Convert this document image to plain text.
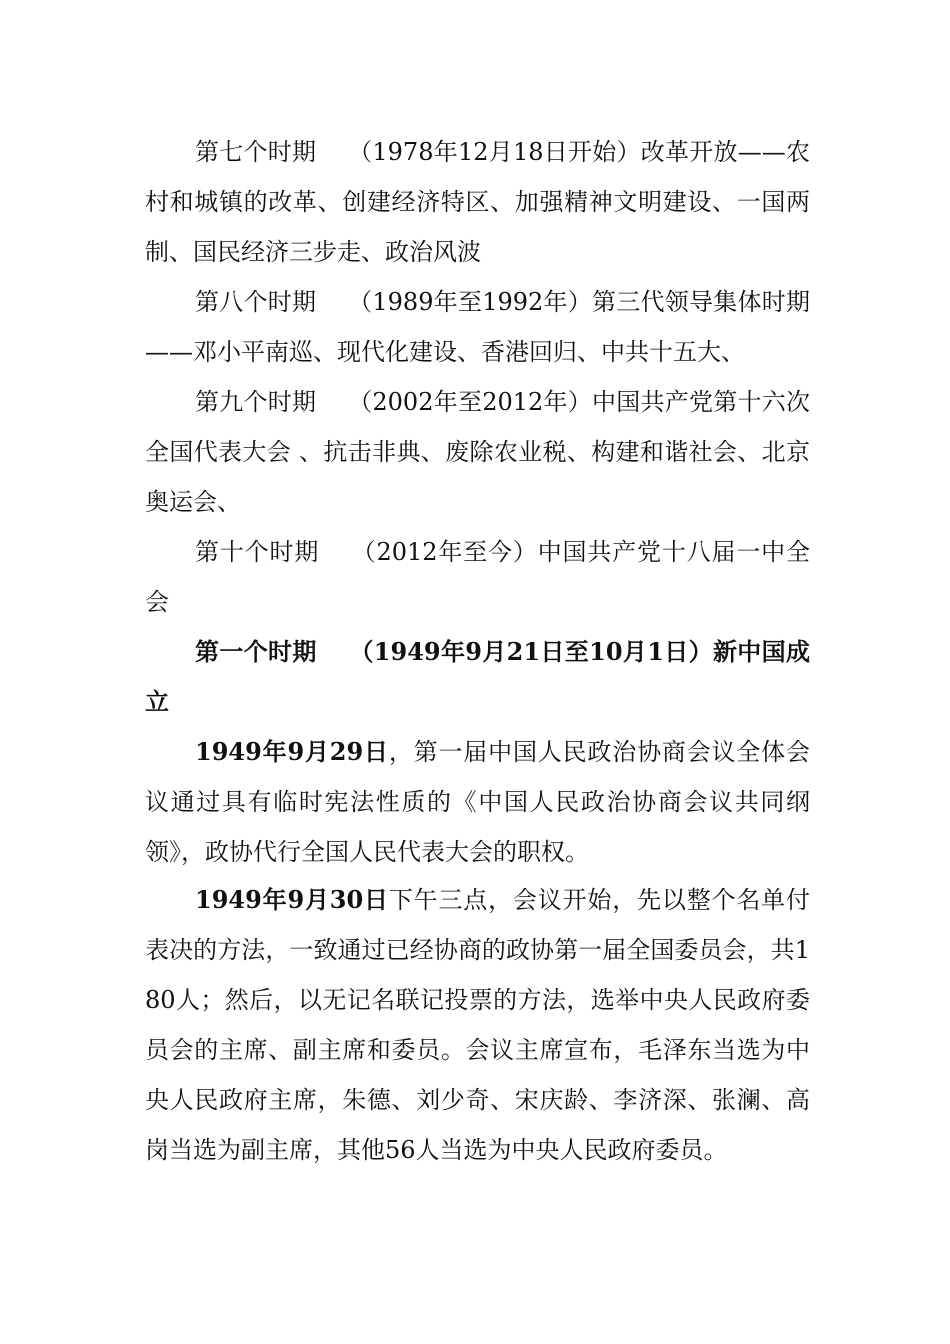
第七个时期  （1978年12月18日开始）改革开放——农村和城镇的改革、创建经济特区、加强精神文明建设、一国两制、国民经济三步走、政治风波

第八个时期  （1989年至1992年）第三代领导集体时期——邓小平南巡、现代化建设、香港回归、中共十五大、

第九个时期  （2002年至2012年）中国共产党第十六次全国代表大会 、抗击非典、废除农业税、构建和谐社会、北京奥运会、

第十个时期  （2012年至今）中国共产党十八届一中全会

第一个时期  （1949年9月21日至10月1日）新中国成立

1949年9月29日，第一届中国人民政治协商会议全体会议通过具有临时宪法性质的《中国人民政治协商会议共同纲领》，政协代行全国人民代表大会的职权。

1949年9月30日下午三点，会议开始，先以整个名单付表决的方法，一致通过已经协商的政协第一届全国委员会，共180人；然后，以无记名联记投票的方法，选举中央人民政府委员会的主席、副主席和委员。会议主席宣布，毛泽东当选为中央人民政府主席，朱德、刘少奇、宋庆龄、李济深、张澜、高岗当选为副主席，其他56人当选为中央人民政府委员。
